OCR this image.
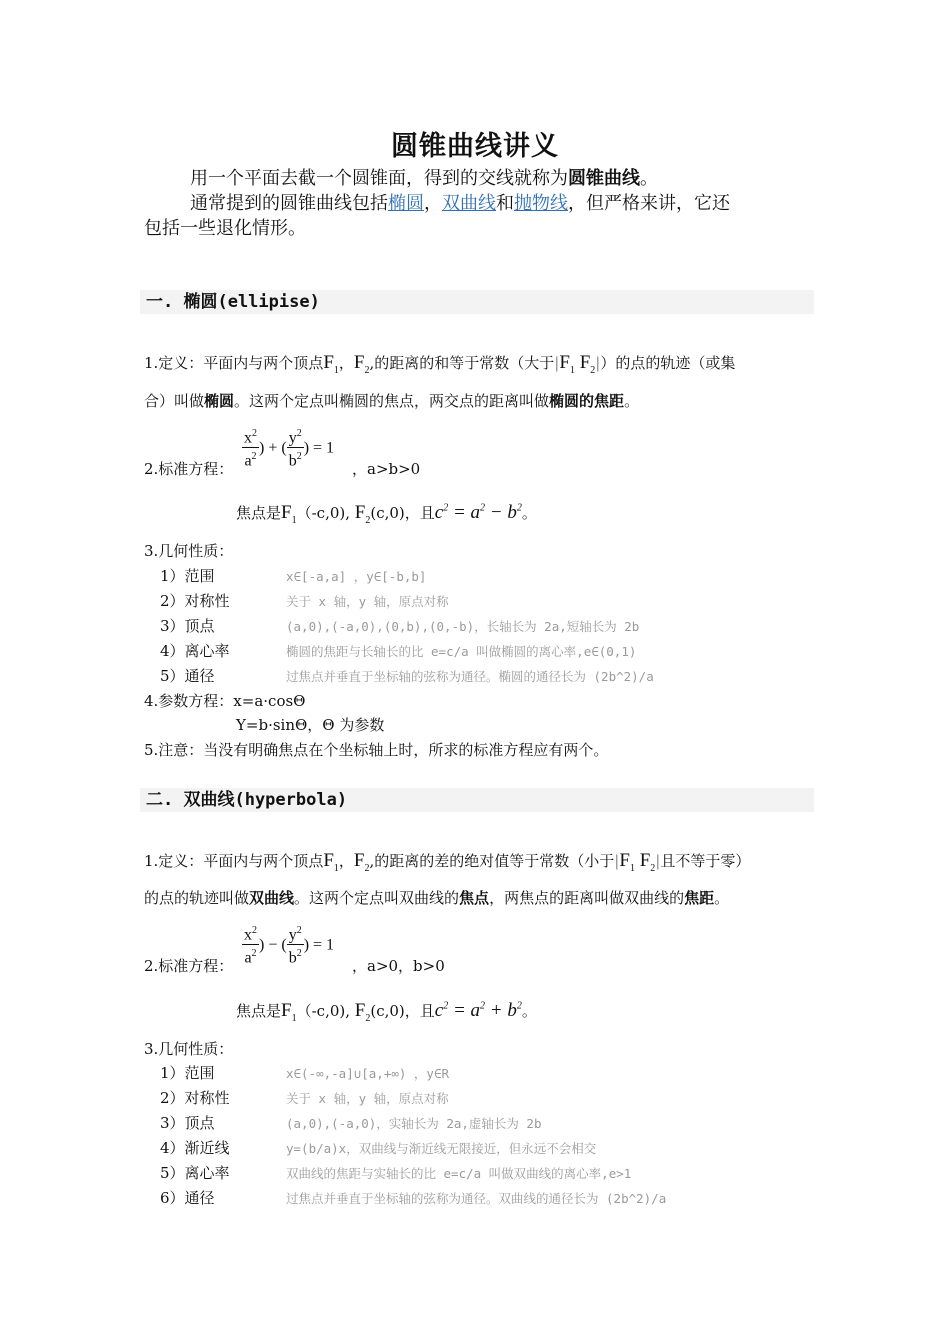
圆锥曲线讲义
用一个平面去截一个圆锥面，得到的交线就称为圆锥曲线。
通常提到的圆锥曲线包括椭圆，双曲线和抛物线，但严格来讲，它还
包括一些退化情形。
一. 椭圆(ellipise)
1.定义：平面内与两个顶点$F_1$，$F_2$,的距离的和等于常数（大于$|F_1$ $F_2|$）的点的轨迹（或集
合）叫做椭圆。这两个定点叫椭圆的焦点，两交点的距离叫做椭圆的焦距。
2.标准方程： $\frac{x^2}{a^2}$ ) + ( $\frac{y^2}{b^2}$ ) = 1
，a>b>0
焦点是$F_1(-c,0)$, $F_2(c,0)$，且$c^2 = a^2 - b^2$。
3.几何性质：
1）范围	x∈[-a,a] ，y∈[-b,b]
2）对称性	关于 x 轴，y 轴，原点对称
3）顶点	(a,0),(-a,0),(0,b),(0,-b)，长轴长为 2a,短轴长为 2b
4）离心率	椭圆的焦距与长轴长的比 e=c/a 叫做椭圆的离心率,e∈(0,1)
5）通径	过焦点并垂直于坐标轴的弦称为通径。椭圆的通径长为 (2b^2)/a
4.参数方程：x=a·cosΘ
Y=b·sinΘ，Θ 为参数
5.注意：当没有明确焦点在个坐标轴上时，所求的标准方程应有两个。
二. 双曲线(hyperbola)
1.定义：平面内与两个顶点$F_1$，$F_2$,的距离的差的绝对值等于常数（小于$|F_1$ $F_2|$且不等于零）
的点的轨迹叫做双曲线。这两个定点叫双曲线的焦点，两焦点的距离叫做双曲线的焦距。
2.标准方程： $\frac{x^2}{a^2}$ ) − ( $\frac{y^2}{b^2}$ ) = 1
，a>0，b>0
焦点是$F_1(-c,0)$, $F_2(c,0)$，且$c^2 = a^2 + b^2$。
3.几何性质：
1）范围	x∈(-∞,-a]∪[a,+∞) ，y∈R
2）对称性	关于 x 轴，y 轴，原点对称
3）顶点	(a,0),(-a,0)，实轴长为 2a,虚轴长为 2b
4）渐近线	y=(b/a)x，双曲线与渐近线无限接近，但永远不会相交
5）离心率	双曲线的焦距与实轴长的比 e=c/a 叫做双曲线的离心率,e>1
6）通径	过焦点并垂直于坐标轴的弦称为通径。双曲线的通径长为 (2b^2)/a
